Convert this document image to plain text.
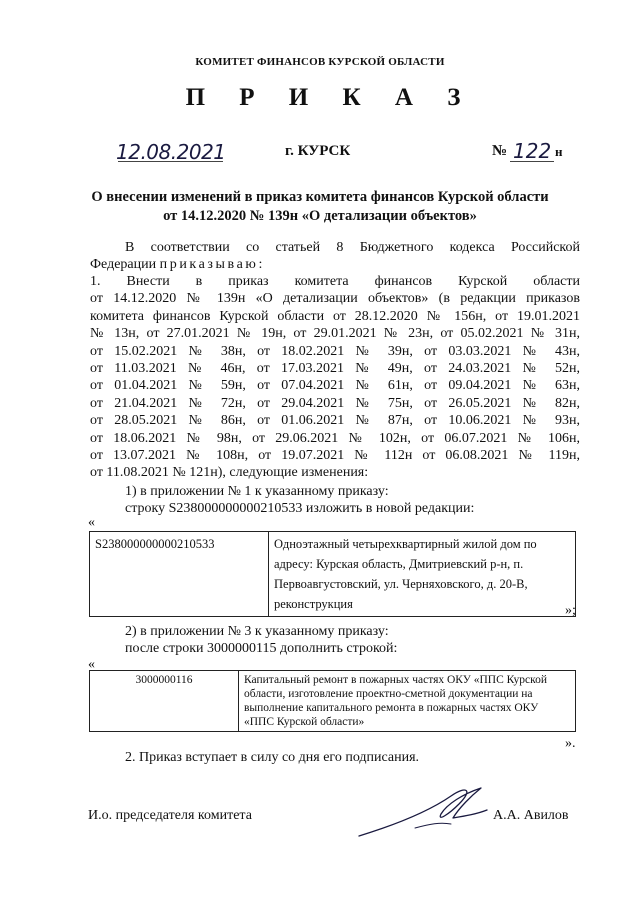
КОМИТЕТ ФИНАНСОВ КУРСКОЙ ОБЛАСТИ
П Р И К А З
12.08.2021	г. КУРСК	№ 122 н
О внесении изменений в приказ комитета финансов Курской области
от 14.12.2020 № 139н «О детализации объектов»
В соответствии со статьей 8 Бюджетного кодекса Российской
Федерации приказываю:
1. Внести в приказ комитета финансов Курской области
от 14.12.2020 № 139н «О детализации объектов» (в редакции приказов
комитета финансов Курской области от 28.12.2020 № 156н, от 19.01.2021
№ 13н, от 27.01.2021 № 19н, от 29.01.2021 № 23н, от 05.02.2021 № 31н,
от 15.02.2021 № 38н, от 18.02.2021 № 39н, от 03.03.2021 № 43н,
от 11.03.2021 № 46н, от 17.03.2021 № 49н, от 24.03.2021 № 52н,
от 01.04.2021 № 59н, от 07.04.2021 № 61н, от 09.04.2021 № 63н,
от 21.04.2021 № 72н, от 29.04.2021 № 75н, от 26.05.2021 № 82н,
от 28.05.2021 № 86н, от 01.06.2021 № 87н, от 10.06.2021 № 93н,
от 18.06.2021 № 98н, от 29.06.2021 № 102н, от 06.07.2021 № 106н,
от 13.07.2021 № 108н, от 19.07.2021 № 112н от 06.08.2021 № 119н,
от 11.08.2021 № 121н), следующие изменения:
1) в приложении № 1 к указанному приказу:
строку S238000000000210533 изложить в новой редакции:
«
S238000000000210533	Одноэтажный четырехквартирный жилой дом по адресу: Курская область, Дмитриевский р-н, п. Первоавгустовский, ул. Черняховского, д. 20-В, реконструкция	»;
2) в приложении № 3 к указанному приказу:
после строки 3000000115 дополнить строкой:
«
3000000116	Капитальный ремонт в пожарных частях ОКУ «ППС Курской области, изготовление проектно-сметной документации на выполнение капитального ремонта в пожарных частях ОКУ «ППС Курской области»
».
2. Приказ вступает в силу со дня его подписания.
И.о. председателя комитета	А.А. Авилов
